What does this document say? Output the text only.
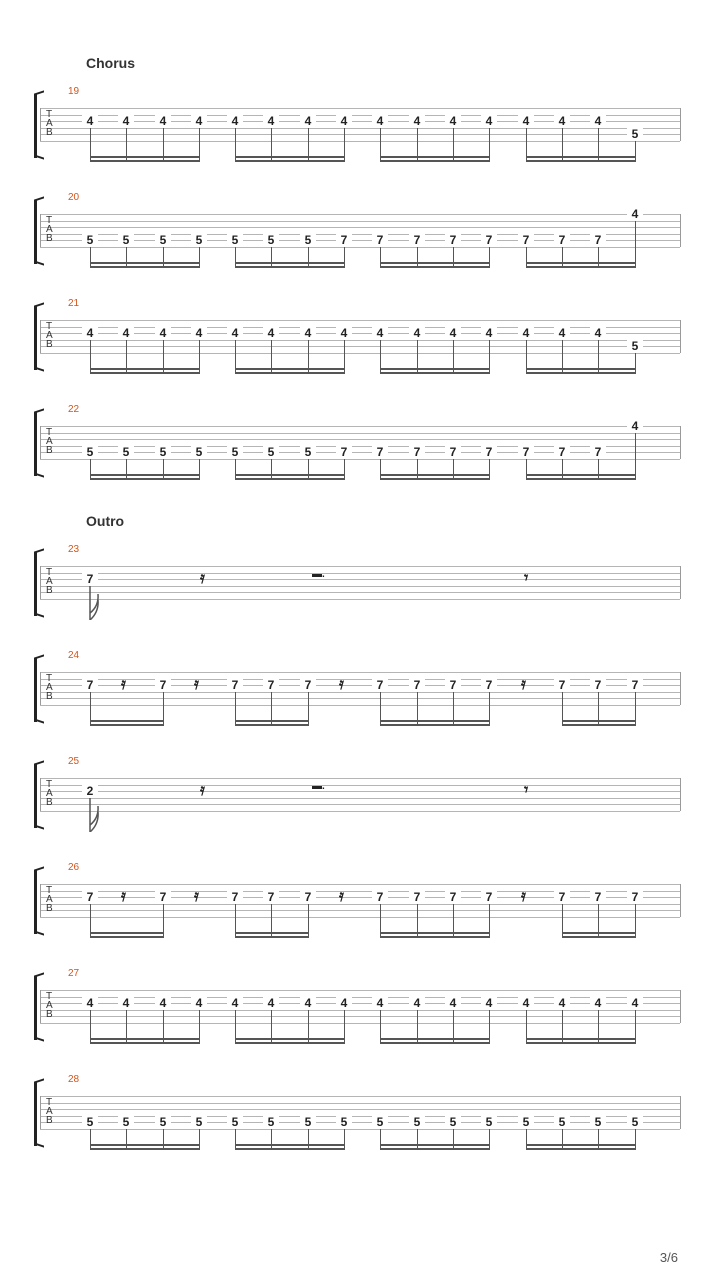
Chorus
Outro
19
T
A
B
4	4	4	4	4	4	4	4	4	4	4	4	4	4	4
5
20
T
A
B	5	5	5	5	5	5	5	7	7	7	7	7	7	7	7
4
21
T
A
B
4	4	4	4	4	4	4	4	4	4	4	4	4	4	4
5
22
T
A
B	5	5	5	5	5	5	5	7	7	7	7	7	7	7	7
4
23
T
A
B
7	𝄿	▬.	𝄾
24
T
A
B
7	7	7	7	7	7	7	7	7	7	7	7
𝄿	𝄿	𝄿	𝄿
25
T
A
B
2	𝄿	▬.	𝄾
26
T
A
B
7	7	7	7	7	7	7	7	7	7	7	7
𝄿	𝄿	𝄿	𝄿
27
T
A
B
4	4	4	4	4	4	4	4	4	4	4	4	4	4	4	4
28
T
A
B	5	5	5	5	5	5	5	5	5	5	5	5	5	5	5	5
3/6
